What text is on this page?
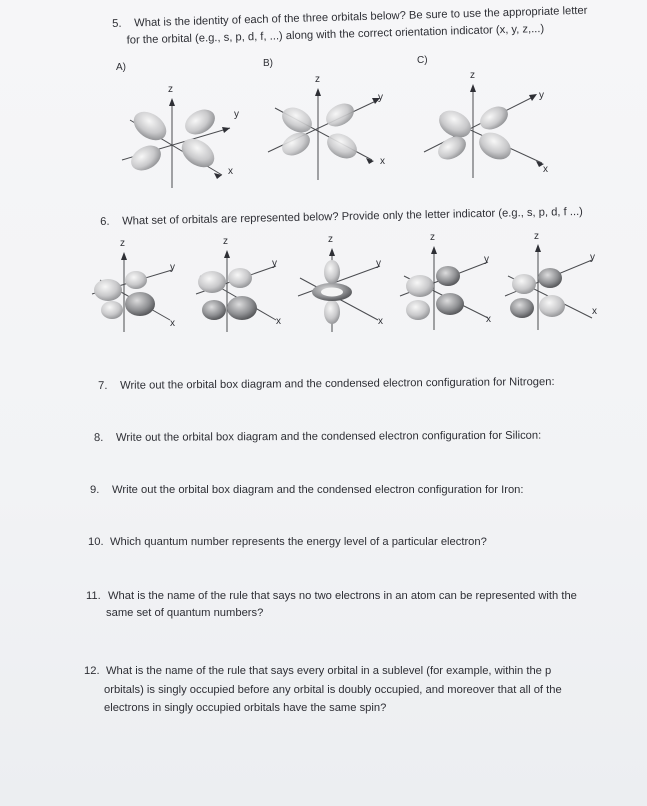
5. What is the identity of each of the three orbitals below? Be sure to use the appropriate letter
for the orbital (e.g., s, p, d, f, ...) along with the correct orientation indicator (x, y, z,...)
A)	B)	C)
z
y
x
z
y
x
z
y
x
6. What set of orbitals are represented below? Provide only the letter indicator (e.g., s, p, d, f ...)
z
y
x
z
y
x
z
y
x
z
y
x
z
y
x
7. Write out the orbital box diagram and the condensed electron configuration for Nitrogen:
8. Write out the orbital box diagram and the condensed electron configuration for Silicon:
9. Write out the orbital box diagram and the condensed electron configuration for Iron:
10. Which quantum number represents the energy level of a particular electron?
11. What is the name of the rule that says no two electrons in an atom can be represented with the
same set of quantum numbers?
12. What is the name of the rule that says every orbital in a sublevel (for example, within the p
orbitals) is singly occupied before any orbital is doubly occupied, and moreover that all of the
electrons in singly occupied orbitals have the same spin?
